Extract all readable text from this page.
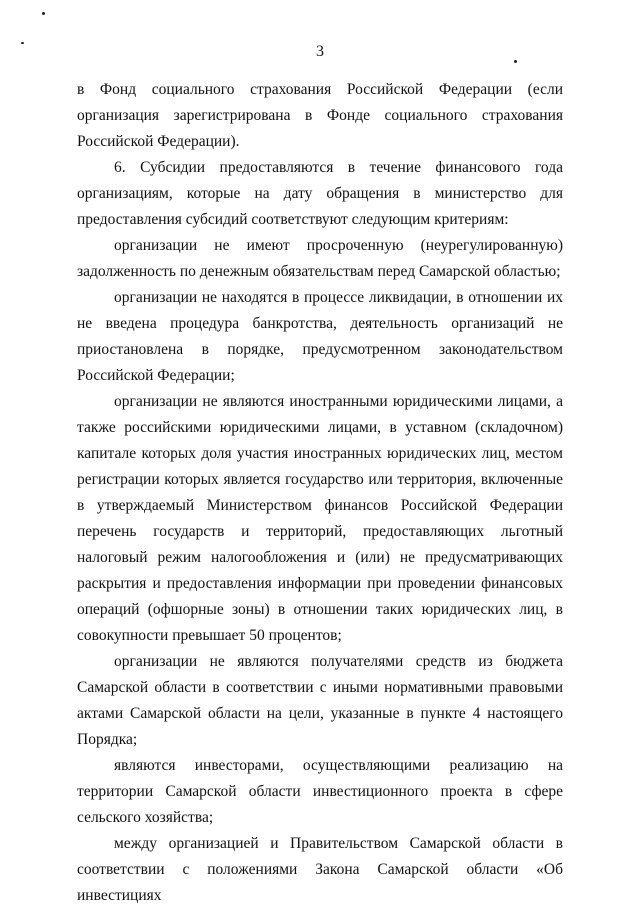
3

в Фонд социального страхования Российской Федерации (если организация зарегистрирована в Фонде социального страхования Российской Федерации).

6. Субсидии предоставляются в течение финансового года организациям, которые на дату обращения в министерство для предоставления субсидий соответствуют следующим критериям:

организации не имеют просроченную (неурегулированную) задолженность по денежным обязательствам перед Самарской областью;

организации не находятся в процессе ликвидации, в отношении их не введена процедура банкротства, деятельность организаций не приостановлена в порядке, предусмотренном законодательством Российской Федерации;

организации не являются иностранными юридическими лицами, а также российскими юридическими лицами, в уставном (складочном) капитале которых доля участия иностранных юридических лиц, местом регистрации которых является государство или территория, включенные в утверждаемый Министерством финансов Российской Федерации перечень государств и территорий, предоставляющих льготный налоговый режим налогообложения и (или) не предусматривающих раскрытия и предоставления информации при проведении финансовых операций (офшорные зоны) в отношении таких юридических лиц, в совокупности превышает 50 процентов;

организации не являются получателями средств из бюджета Самарской области в соответствии с иными нормативными правовыми актами Самарской области на цели, указанные в пункте 4 настоящего Порядка;

являются инвесторами, осуществляющими реализацию на территории Самарской области инвестиционного проекта в сфере сельского хозяйства;

между организацией и Правительством Самарской области в соответствии с положениями Закона Самарской области «Об инвестициях
